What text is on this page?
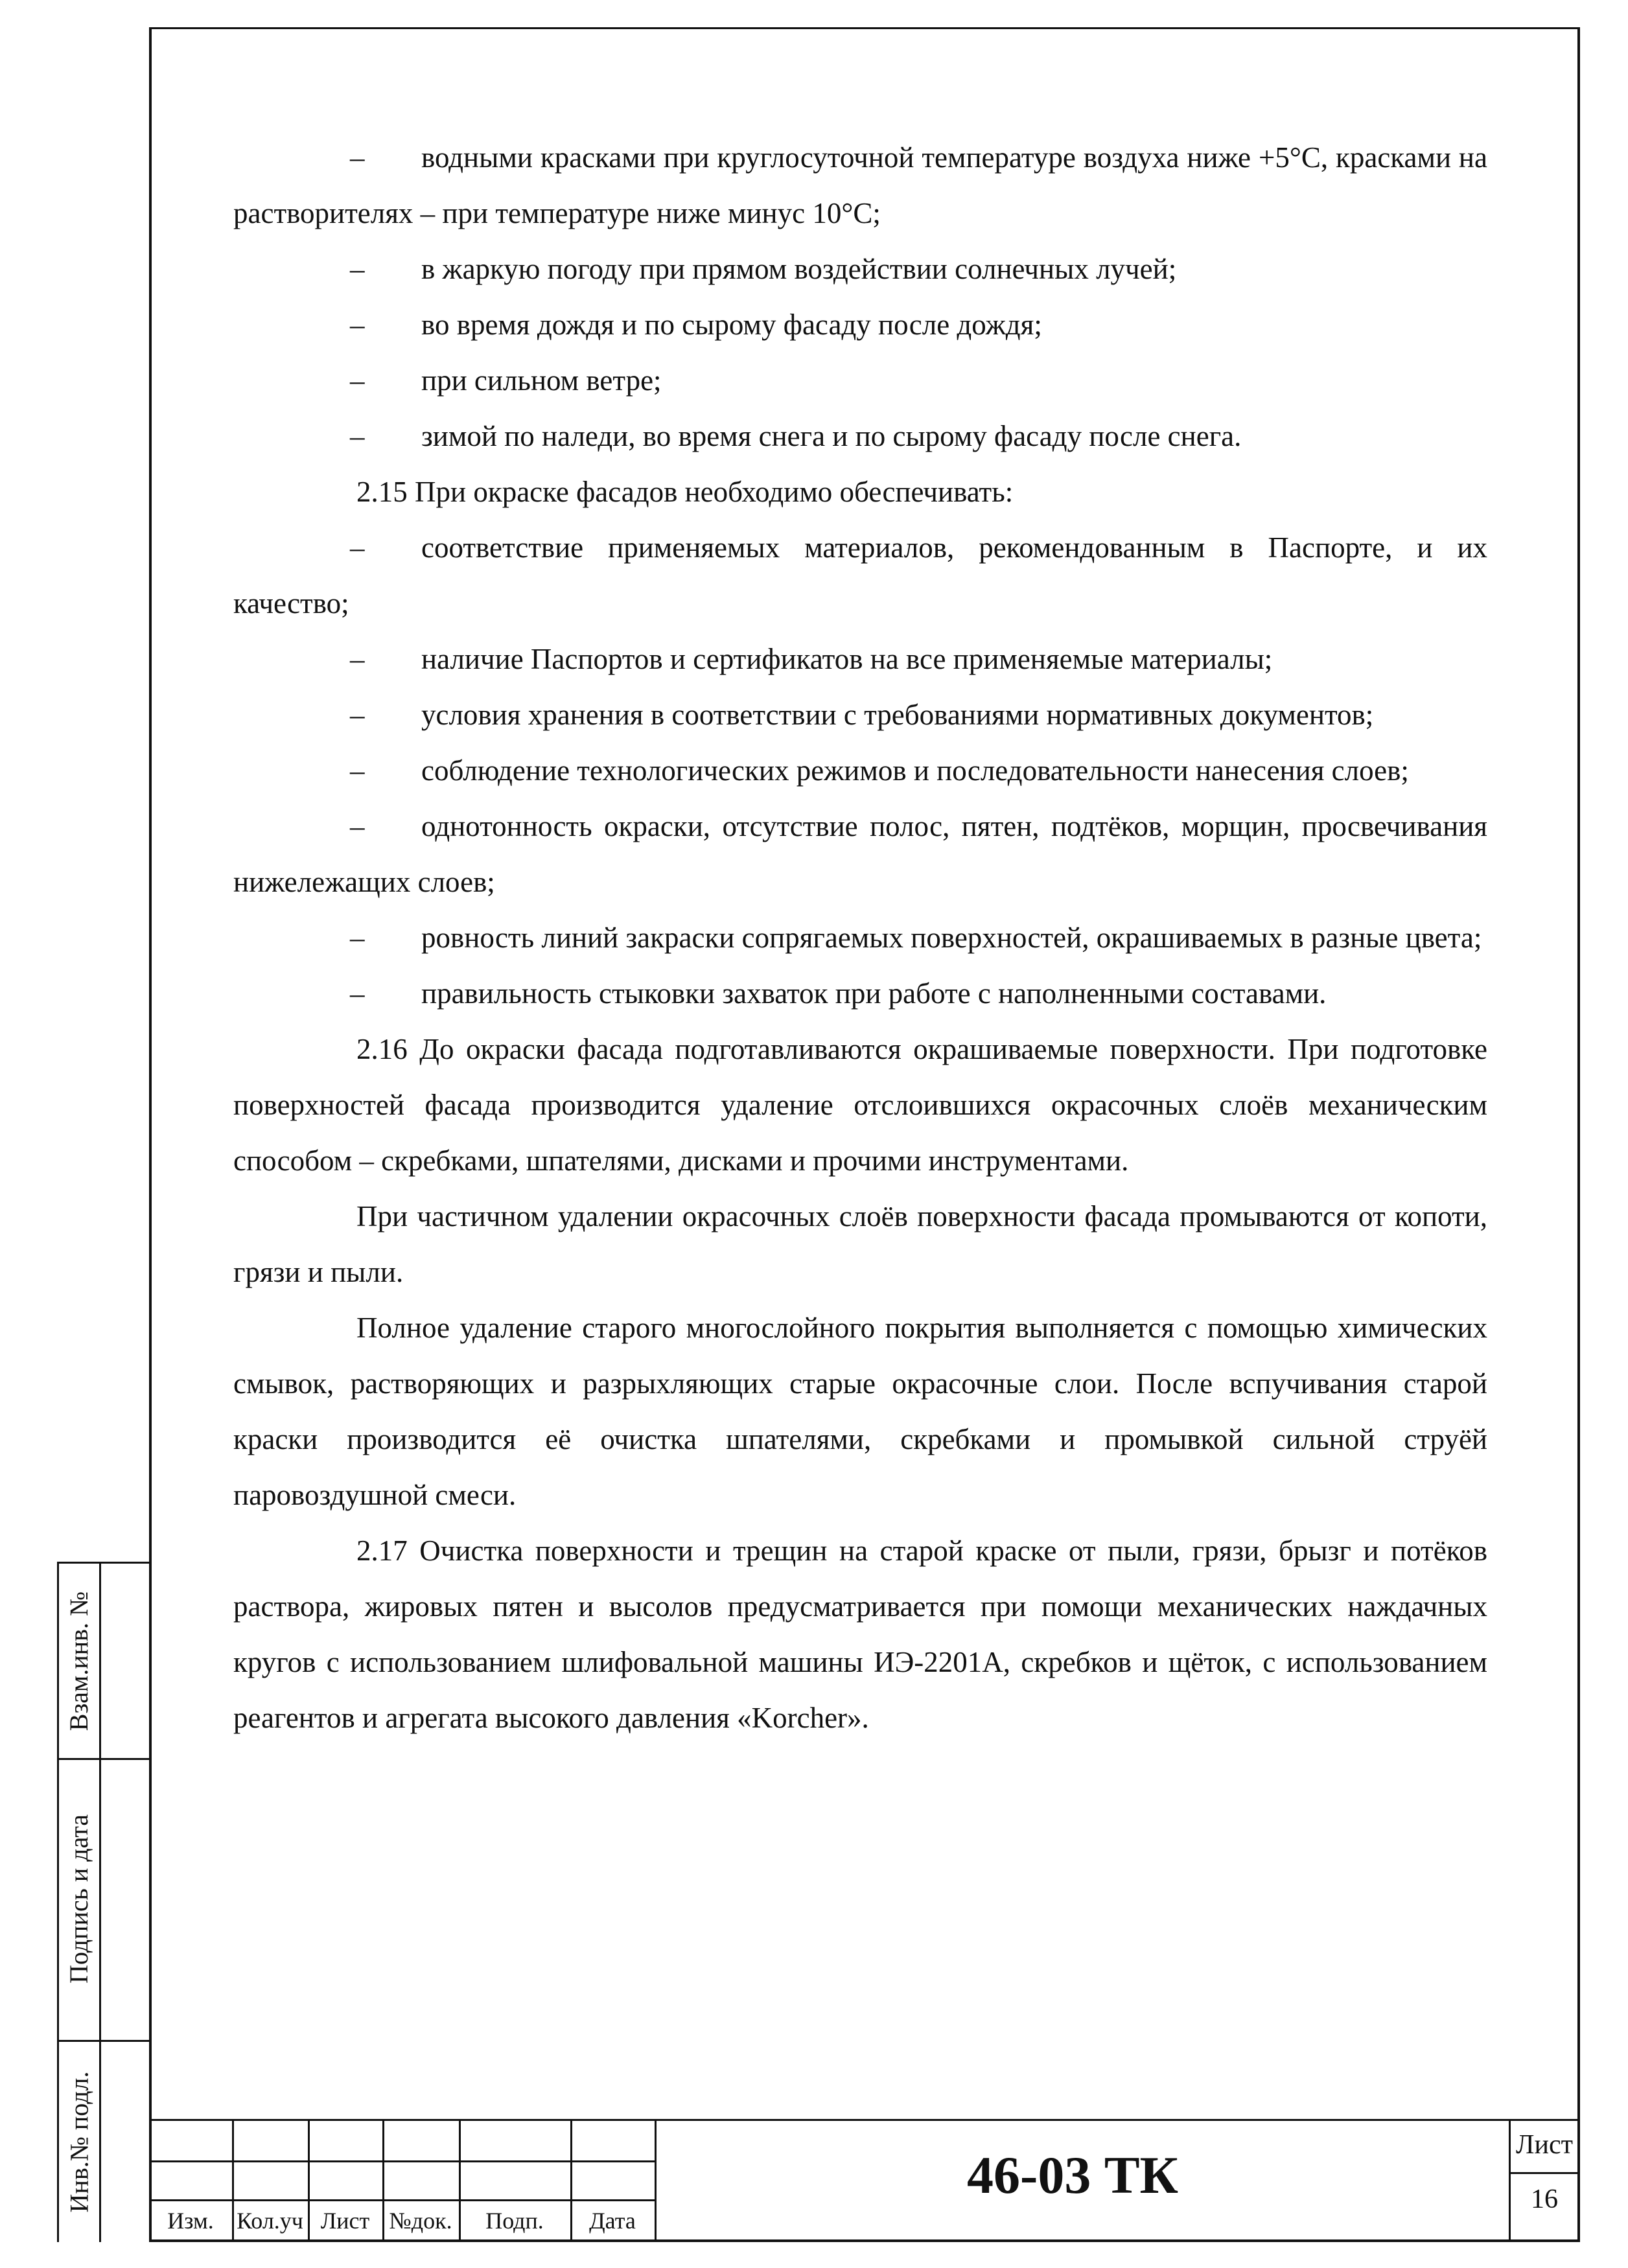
– водными красками при круглосуточной температуре воздуха ниже +5°С, красками на растворителях – при температуре ниже минус 10°С;

– в жаркую погоду при прямом воздействии солнечных лучей;

– во время дождя и по сырому фасаду после дождя;

– при сильном ветре;

– зимой по наледи, во время снега и по сырому фасаду после снега.

2.15 При окраске фасадов необходимо обеспечивать:

– соответствие применяемых материалов, рекомендованным в Паспорте, и их качество;

– наличие Паспортов и сертификатов на все применяемые материалы;

– условия хранения в соответствии с требованиями нормативных документов;

– соблюдение технологических режимов и последовательности нанесения слоев;

– однотонность окраски, отсутствие полос, пятен, подтёков, морщин, просвечивания нижележащих слоев;

– ровность линий закраски сопрягаемых поверхностей, окрашиваемых в разные цвета;

– правильность стыковки захваток при работе с наполненными составами.

2.16 До окраски фасада подготавливаются окрашиваемые поверхности. При подготовке поверхностей фасада производится удаление отслоившихся окрасочных слоёв механическим способом – скребками, шпателями, дисками и прочими инструментами.

При частичном удалении окрасочных слоёв поверхности фасада промываются от копоти, грязи и пыли.

Полное удаление старого многослойного покрытия выполняется с помощью химических смывок, растворяющих и разрыхляющих старые окрасочные слои. После вспучивания старой краски производится её очистка шпателями, скребками и промывкой сильной струёй паровоздушной смеси.

2.17 Очистка поверхности и трещин на старой краске от пыли, грязи, брызг и потёков раствора, жировых пятен и высолов предусматривается при помощи механических наждачных кругов с использованием шлифовальной машины ИЭ-2201А, скребков и щёток, с использованием реагентов и агрегата высокого давления «Korcher».

Взам.инв. №
Подпись и дата
Инв.№ подл.
Изм. Кол.уч Лист №док.	Подп.	Дата
46-03 ТК
Лист
16
